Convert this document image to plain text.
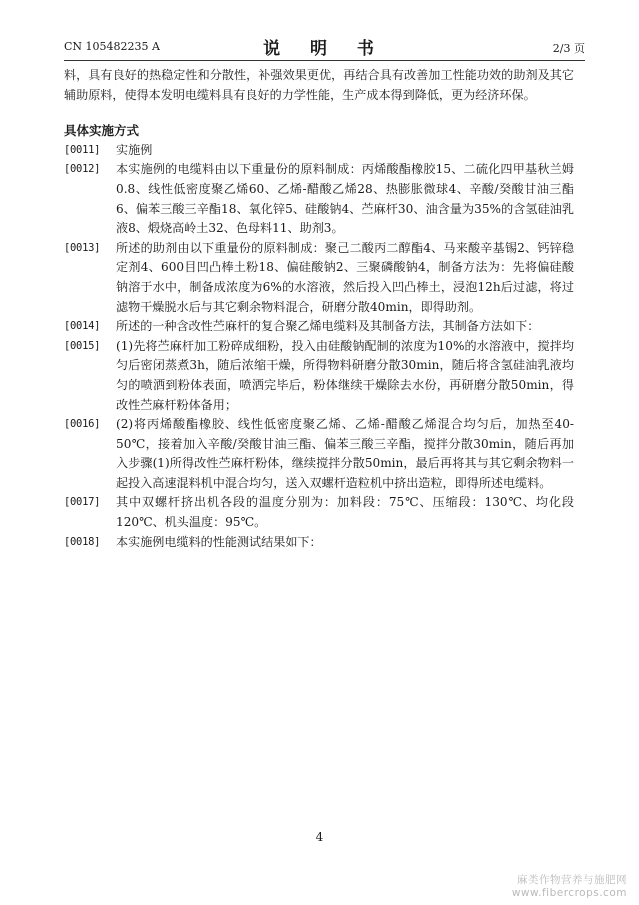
CN 105482235 A	说 明 书	2/3 页

料，具有良好的热稳定性和分散性，补强效果更优，再结合具有改善加工性能功效的助剂及其它辅助原料，使得本发明电缆料具有良好的力学性能，生产成本得到降低，更为经济环保。

具体实施方式

[0011]	实施例
[0012]	本实施例的电缆料由以下重量份的原料制成：丙烯酸酯橡胶15、二硫化四甲基秋兰姆0.8、线性低密度聚乙烯60、乙烯-醋酸乙烯28、热膨胀微球4、辛酸/癸酸甘油三酯6、偏苯三酸三辛酯18、氧化锌5、硅酸钠4、苎麻杆30、油含量为35%的含氢硅油乳液8、煅烧高岭土32、色母料11、助剂3。
[0013]	所述的助剂由以下重量份的原料制成：聚己二酸丙二醇酯4、马来酸辛基锡2、钙锌稳定剂4、600目凹凸棒土粉18、偏硅酸钠2、三聚磷酸钠4，制备方法为：先将偏硅酸钠溶于水中，制备成浓度为6%的水溶液，然后投入凹凸棒土，浸泡12h后过滤，将过滤物干燥脱水后与其它剩余物料混合，研磨分散40min，即得助剂。
[0014]	所述的一种含改性苎麻杆的复合聚乙烯电缆料及其制备方法，其制备方法如下：
[0015]	(1)先将苎麻杆加工粉碎成细粉，投入由硅酸钠配制的浓度为10%的水溶液中，搅拌均匀后密闭蒸煮3h，随后浓缩干燥，所得物料研磨分散30min，随后将含氢硅油乳液均匀的喷洒到粉体表面，喷洒完毕后，粉体继续干燥除去水份，再研磨分散50min，得改性苎麻杆粉体备用；
[0016]	(2)将丙烯酸酯橡胶、线性低密度聚乙烯、乙烯-醋酸乙烯混合均匀后，加热至40-50℃，接着加入辛酸/癸酸甘油三酯、偏苯三酸三辛酯，搅拌分散30min，随后再加入步骤(1)所得改性苎麻杆粉体，继续搅拌分散50min，最后再将其与其它剩余物料一起投入高速混料机中混合均匀，送入双螺杆造粒机中挤出造粒，即得所述电缆料。
[0017]	其中双螺杆挤出机各段的温度分别为：加料段：75℃、压缩段：130℃、均化段120℃、机头温度：95℃。
[0018]	本实施例电缆料的性能测试结果如下：
4
麻类作物营养与施肥网
www.fibercrops.com
